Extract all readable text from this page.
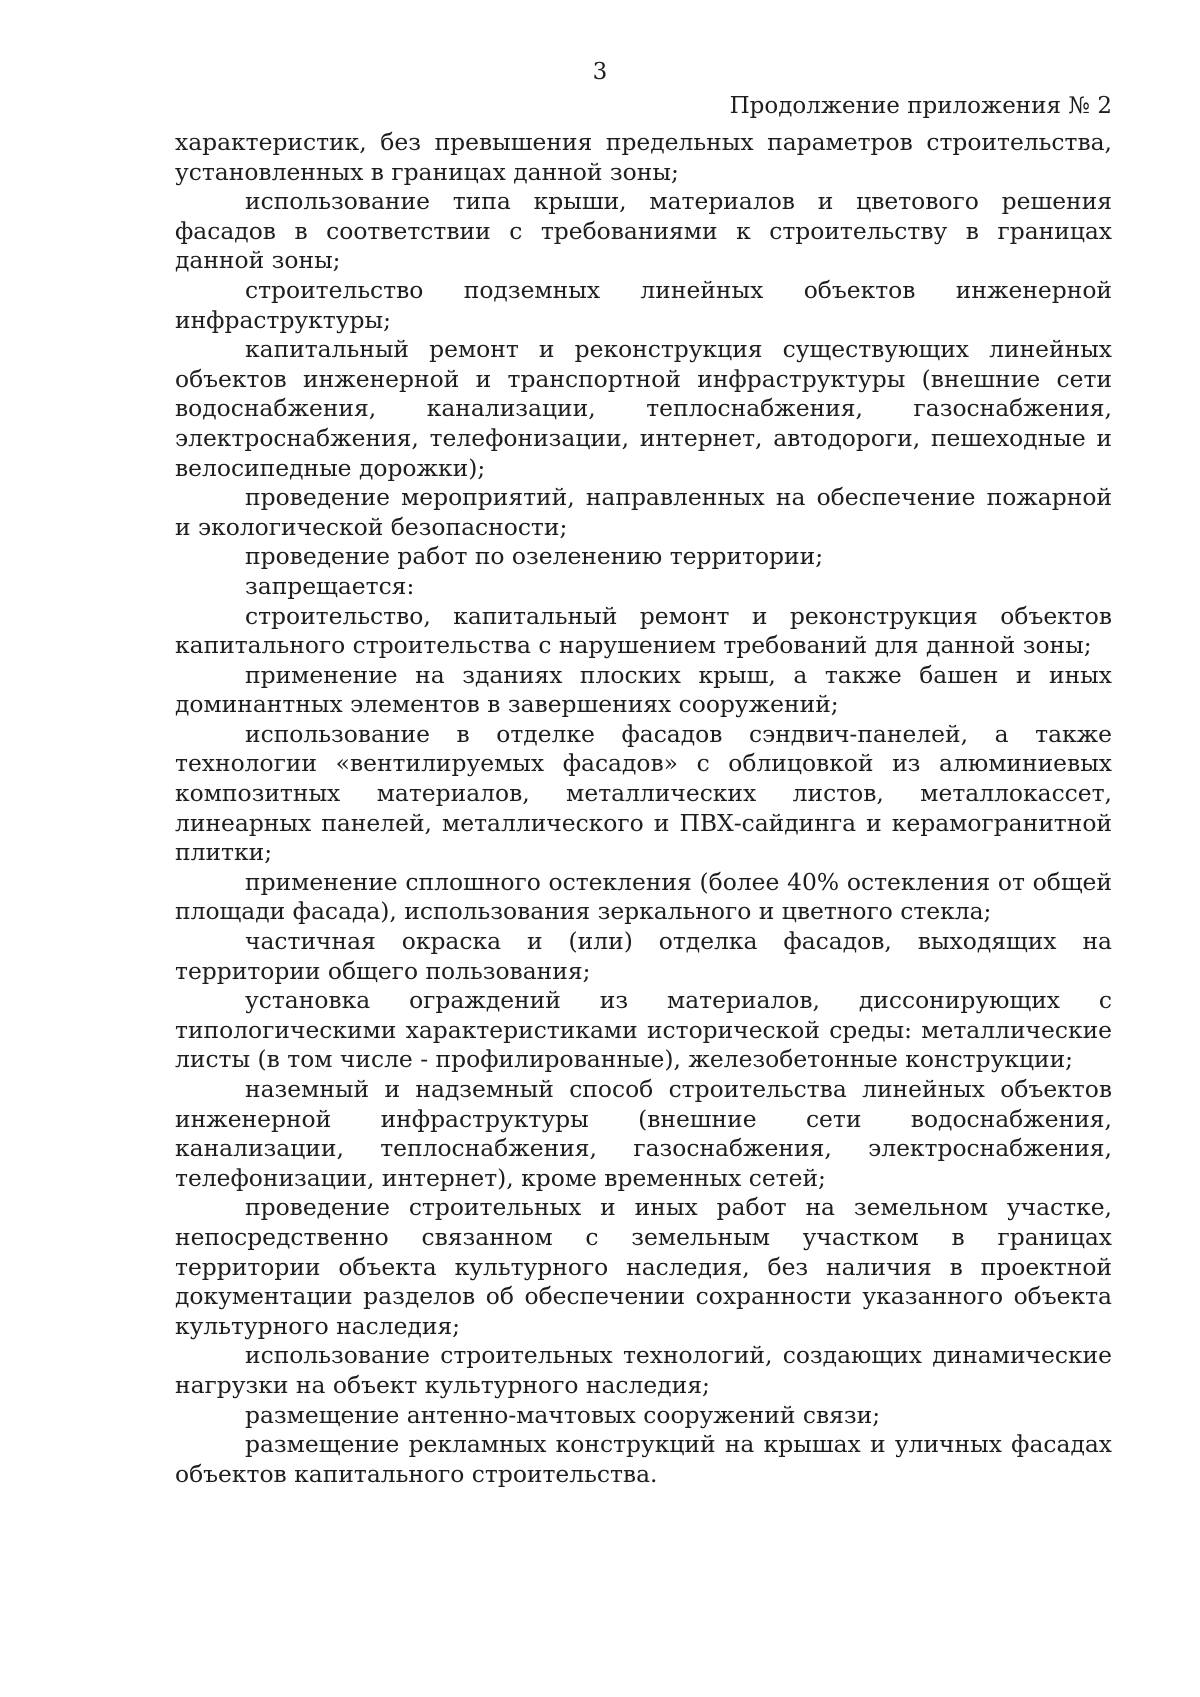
3
Продолжение приложения № 2

характеристик, без превышения предельных параметров строительства, установленных в границах данной зоны;

использование типа крыши, материалов и цветового решения фасадов в соответствии с требованиями к строительству в границах данной зоны;

строительство подземных линейных объектов инженерной инфраструктуры;

капитальный ремонт и реконструкция существующих линейных объектов инженерной и транспортной инфраструктуры (внешние сети водоснабжения, канализации, теплоснабжения, газоснабжения, электроснабжения, телефонизации, интернет, автодороги, пешеходные и велосипедные дорожки);

проведение мероприятий, направленных на обеспечение пожарной и экологической безопасности;

проведение работ по озеленению территории;

запрещается:

строительство, капитальный ремонт и реконструкция объектов капитального строительства с нарушением требований для данной зоны;

применение на зданиях плоских крыш, а также башен и иных доминантных элементов в завершениях сооружений;

использование в отделке фасадов сэндвич-панелей, а также технологии «вентилируемых фасадов» с облицовкой из алюминиевых композитных материалов, металлических листов, металлокассет, линеарных панелей, металлического и ПВХ-сайдинга и керамогранитной плитки;

применение сплошного остекления (более 40% остекления от общей площади фасада), использования зеркального и цветного стекла;

частичная окраска и (или) отделка фасадов, выходящих на территории общего пользования;

установка ограждений из материалов, диссонирующих с типологическими характеристиками исторической среды: металлические листы (в том числе - профилированные), железобетонные конструкции;

наземный и надземный способ строительства линейных объектов инженерной инфраструктуры (внешние сети водоснабжения, канализации, теплоснабжения, газоснабжения, электроснабжения, телефонизации, интернет), кроме временных сетей;

проведение строительных и иных работ на земельном участке, непосредственно связанном с земельным участком в границах территории объекта культурного наследия, без наличия в проектной документации разделов об обеспечении сохранности указанного объекта культурного наследия;

использование строительных технологий, создающих динамические нагрузки на объект культурного наследия;

размещение антенно-мачтовых сооружений связи;

размещение рекламных конструкций на крышах и уличных фасадах объектов капитального строительства.
